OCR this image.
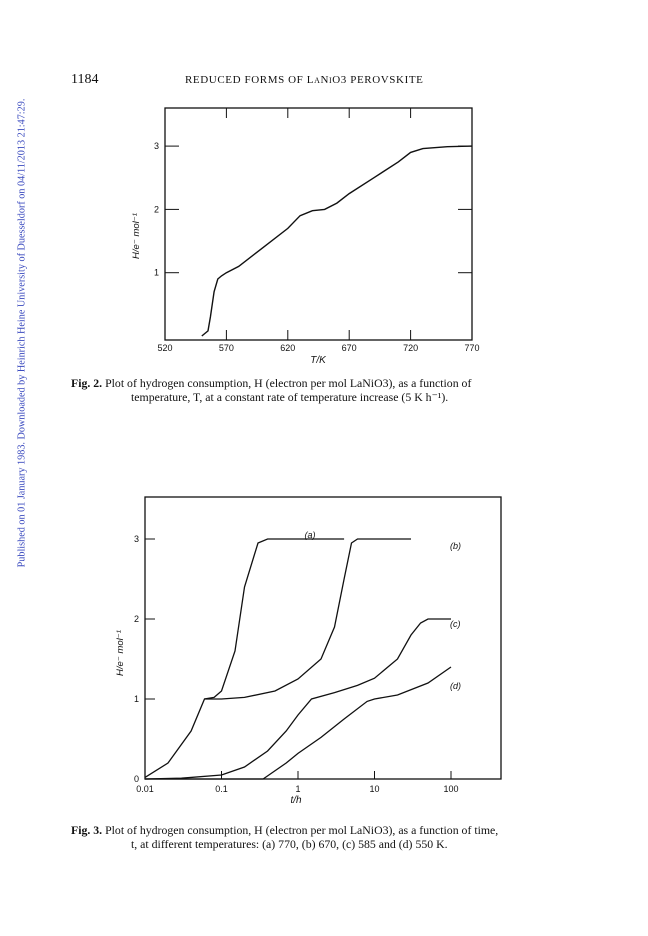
Published on 01 January 1983. Downloaded by Heinrich Heine University of Duesseldorf on 04/11/2013 21:47:29.
1184	REDUCED FORMS OF LaNiO3 PEROVSKITE
520	570	620	670	720	770
1
2
3
T/K
H/e⁻ mol⁻¹
Fig. 2. Plot of hydrogen consumption, H (electron per mol LaNiO3), as a function of
temperature, T, at a constant rate of temperature increase (5 K h⁻¹).
0.01	0.1	1	10	100
0
1
2
3	(a)
(b)
(c)
(d)
t/h
H/e⁻ mol⁻¹
Fig. 3. Plot of hydrogen consumption, H (electron per mol LaNiO3), as a function of time,
t, at different temperatures: (a) 770, (b) 670, (c) 585 and (d) 550 K.
